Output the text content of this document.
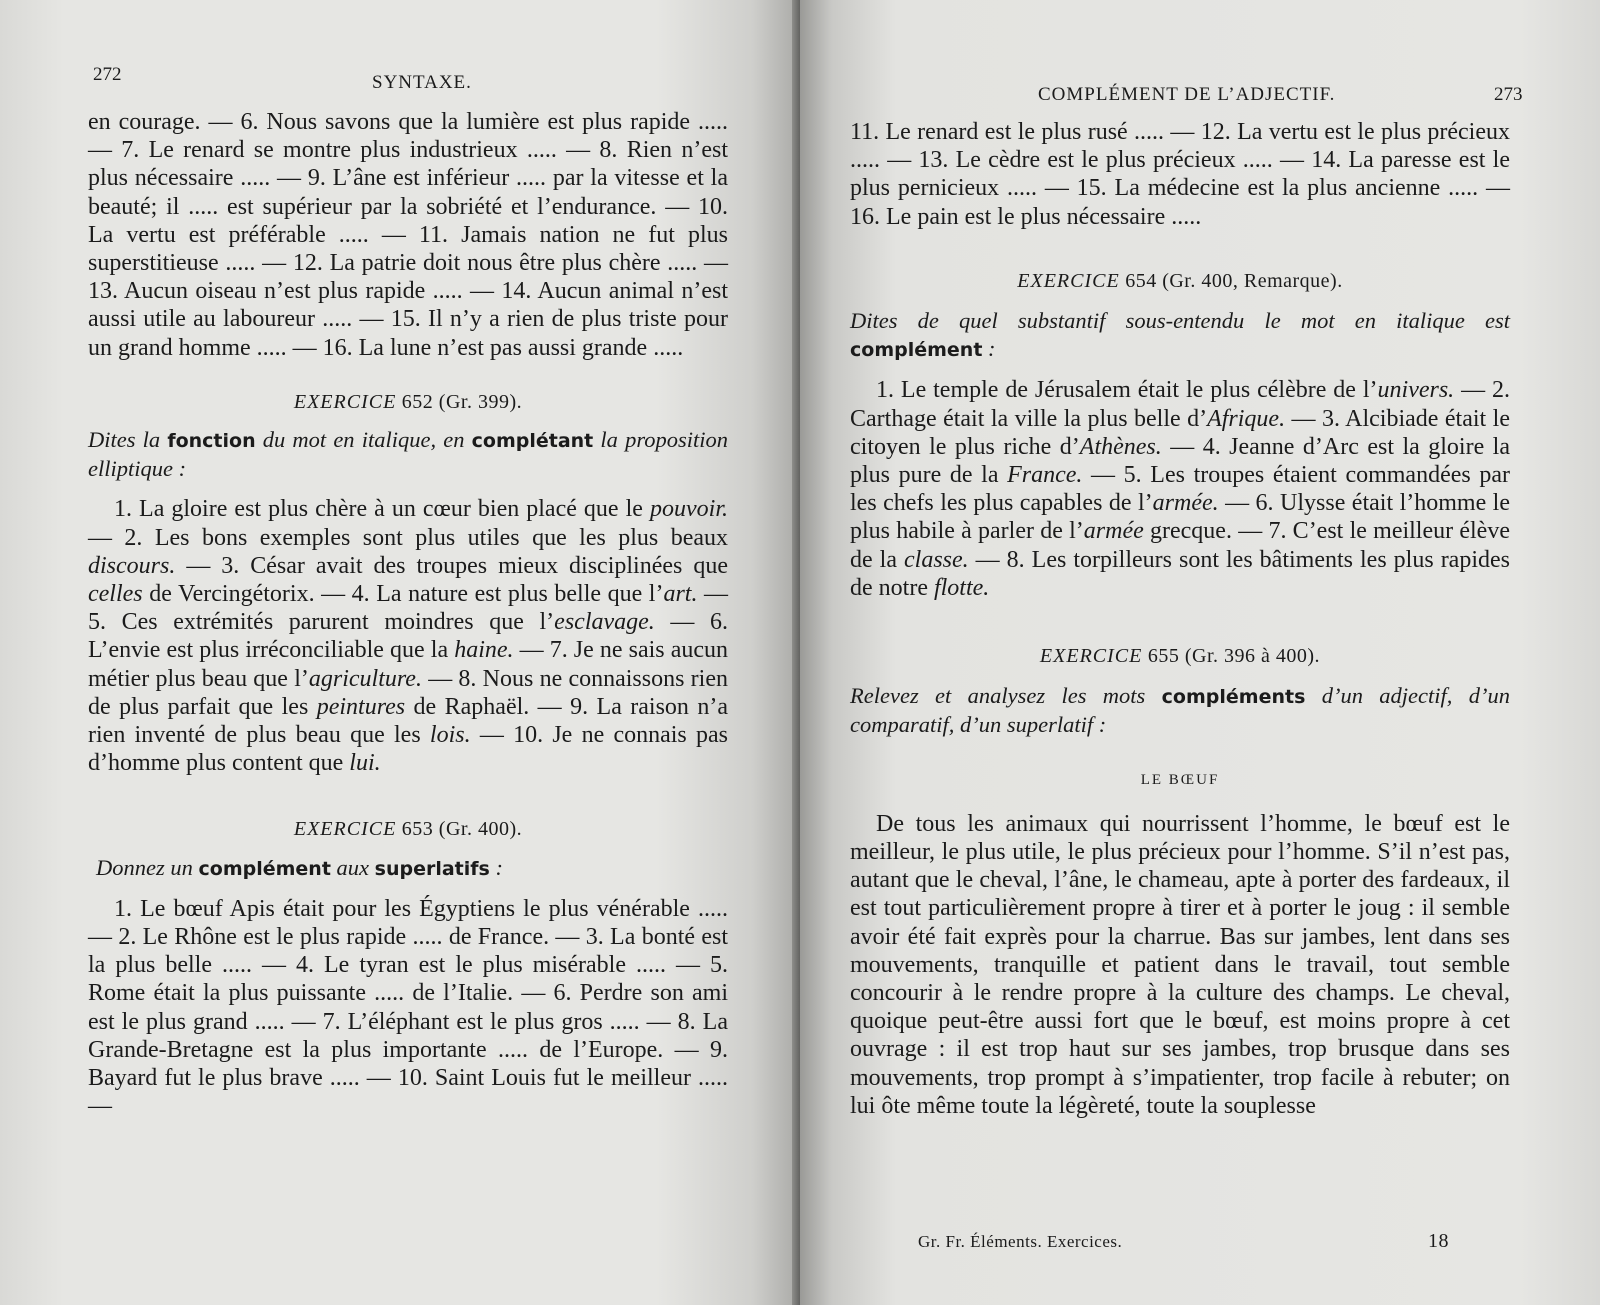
272	SYNTAXE.

en courage. — 6. Nous savons que la lumière est plus rapide ..... — 7. Le renard se montre plus industrieux ..... — 8. Rien n’est plus nécessaire ..... — 9. L’âne est inférieur ..... par la vitesse et la beauté; il ..... est supérieur par la sobriété et l’endurance. — 10. La vertu est préférable ..... — 11. Jamais nation ne fut plus superstitieuse ..... — 12. La patrie doit nous être plus chère ..... — 13. Aucun oiseau n’est plus rapide ..... — 14. Aucun animal n’est aussi utile au laboureur ..... — 15. Il n’y a rien de plus triste pour un grand homme ..... — 16. La lune n’est pas aussi grande .....

EXERCICE 652 (Gr. 399).

Dites la fonction du mot en italique, en complétant la proposition elliptique :

1. La gloire est plus chère à un cœur bien placé que le pouvoir. — 2. Les bons exemples sont plus utiles que les plus beaux discours. — 3. César avait des troupes mieux disciplinées que celles de Vercingétorix. — 4. La nature est plus belle que l’art. — 5. Ces extrémités parurent moindres que l’esclavage. — 6. L’envie est plus irréconciliable que la haine. — 7. Je ne sais aucun métier plus beau que l’agriculture. — 8. Nous ne connaissons rien de plus parfait que les peintures de Raphaël. — 9. La raison n’a rien inventé de plus beau que les lois. — 10. Je ne connais pas d’homme plus content que lui.

EXERCICE 653 (Gr. 400).

Donnez un complément aux superlatifs :

1. Le bœuf Apis était pour les Égyptiens le plus vénérable ..... — 2. Le Rhône est le plus rapide ..... de France. — 3. La bonté est la plus belle ..... — 4. Le tyran est le plus misérable ..... — 5. Rome était la plus puissante ..... de l’Italie. — 6. Perdre son ami est le plus grand ..... — 7. L’éléphant est le plus gros ..... — 8. La Grande-Bretagne est la plus importante ..... de l’Europe. — 9. Bayard fut le plus brave ..... — 10. Saint Louis fut le meilleur ..... —

COMPLÉMENT DE L’ADJECTIF.	273

11. Le renard est le plus rusé ..... — 12. La vertu est le plus précieux ..... — 13. Le cèdre est le plus précieux ..... — 14. La paresse est le plus pernicieux ..... — 15. La médecine est la plus ancienne ..... — 16. Le pain est le plus nécessaire .....

EXERCICE 654 (Gr. 400, Remarque).

Dites de quel substantif sous-entendu le mot en italique est complément :

1. Le temple de Jérusalem était le plus célèbre de l’univers. — 2. Carthage était la ville la plus belle d’Afrique. — 3. Alcibiade était le citoyen le plus riche d’Athènes. — 4. Jeanne d’Arc est la gloire la plus pure de la France. — 5. Les troupes étaient commandées par les chefs les plus capables de l’armée. — 6. Ulysse était l’homme le plus habile à parler de l’armée grecque. — 7. C’est le meilleur élève de la classe. — 8. Les torpilleurs sont les bâtiments les plus rapides de notre flotte.

EXERCICE 655 (Gr. 396 à 400).

Relevez et analysez les mots compléments d’un adjectif, d’un comparatif, d’un superlatif :

LE BŒUF

De tous les animaux qui nourrissent l’homme, le bœuf est le meilleur, le plus utile, le plus précieux pour l’homme. S’il n’est pas, autant que le cheval, l’âne, le chameau, apte à porter des fardeaux, il est tout particulièrement propre à tirer et à porter le joug : il semble avoir été fait exprès pour la charrue. Bas sur jambes, lent dans ses mouvements, tranquille et patient dans le travail, tout semble concourir à le rendre propre à la culture des champs. Le cheval, quoique peut-être aussi fort que le bœuf, est moins propre à cet ouvrage : il est trop haut sur ses jambes, trop brusque dans ses mouvements, trop prompt à s’impatienter, trop facile à rebuter; on lui ôte même toute la légèreté, toute la souplesse

Gr. Fr. Éléments. Exercices.	18
